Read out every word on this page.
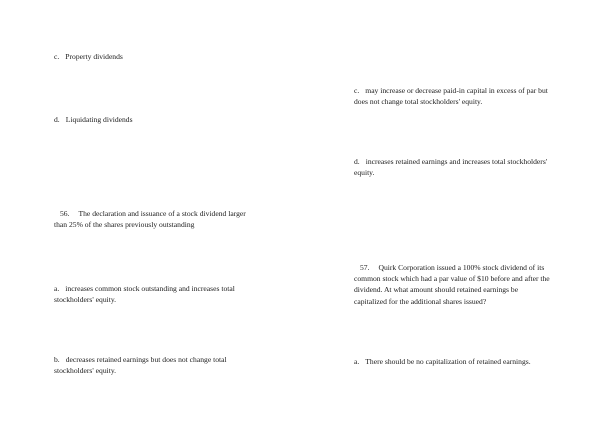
c. Property dividends

d. Liquidating dividends

56. The declaration and issuance of a stock dividend larger
than 25% of the shares previously outstanding

a. increases common stock outstanding and increases total
stockholders' equity.

b. decreases retained earnings but does not change total
stockholders' equity.

c. may increase or decrease paid-in capital in excess of par but
does not change total stockholders' equity.

d. increases retained earnings and increases total stockholders'
equity.

57. Quirk Corporation issued a 100% stock dividend of its
common stock which had a par value of $10 before and after the
dividend. At what amount should retained earnings be
capitalized for the additional shares issued?

a. There should be no capitalization of retained earnings.
